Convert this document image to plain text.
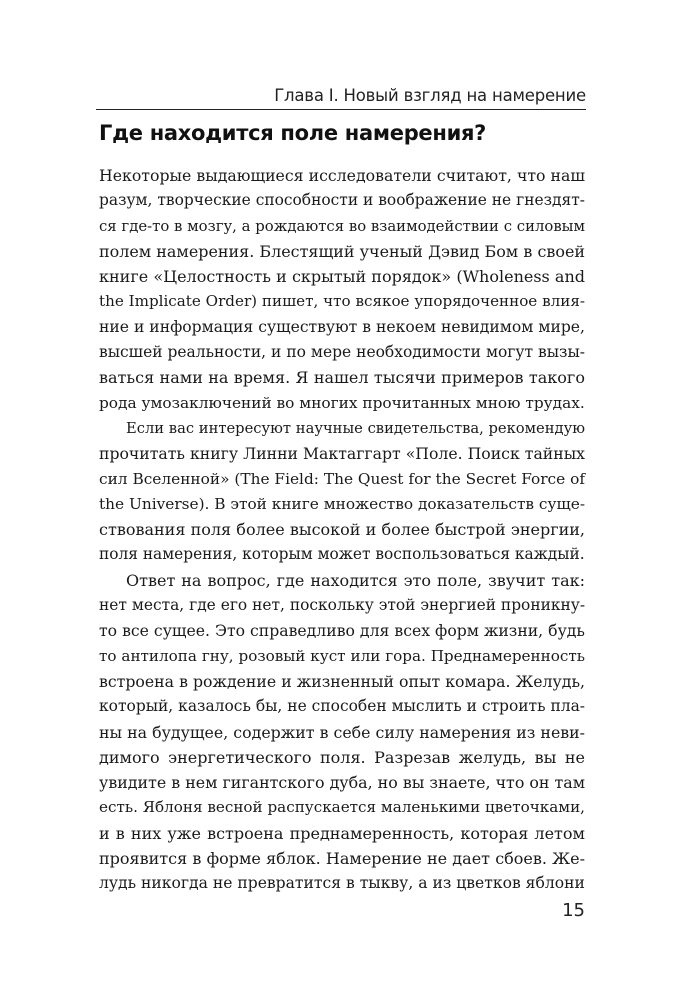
Глава I. Новый взгляд на намерение
Где находится поле намерения?
Некоторые выдающиеся исследователи считают, что наш
разум, творческие способности и воображение не гнездят-
ся где-то в мозгу, а рождаются во взаимодействии с силовым
полем намерения. Блестящий ученый Дэвид Бом в своей
книге «Целостность и скрытый порядок» (Wholeness and
the Implicate Order) пишет, что всякое упорядоченное влия-
ние и информация существуют в некоем невидимом мире,
высшей реальности, и по мере необходимости могут вызы-
ваться нами на время. Я нашел тысячи примеров такого
рода умозаключений во многих прочитанных мною трудах.
Если вас интересуют научные свидетельства, рекомендую
прочитать книгу Линни Мактаггарт «Поле. Поиск тайных
сил Вселенной» (The Field: The Quest for the Secret Force of
the Universe). В этой книге множество доказательств суще-
ствования поля более высокой и более быстрой энергии,
поля намерения, которым может воспользоваться каждый.
Ответ на вопрос, где находится это поле, звучит так:
нет места, где его нет, поскольку этой энергией проникну-
то все сущее. Это справедливо для всех форм жизни, будь
то антилопа гну, розовый куст или гора. Преднамеренность
встроена в рождение и жизненный опыт комара. Желудь,
который, казалось бы, не способен мыслить и строить пла-
ны на будущее, содержит в себе силу намерения из неви-
димого энергетического поля. Разрезав желудь, вы не
увидите в нем гигантского дуба, но вы знаете, что он там
есть. Яблоня весной распускается маленькими цветочками,
и в них уже встроена преднамеренность, которая летом
проявится в форме яблок. Намерение не дает сбоев. Же-
лудь никогда не превратится в тыкву, а из цветков яблони
15
